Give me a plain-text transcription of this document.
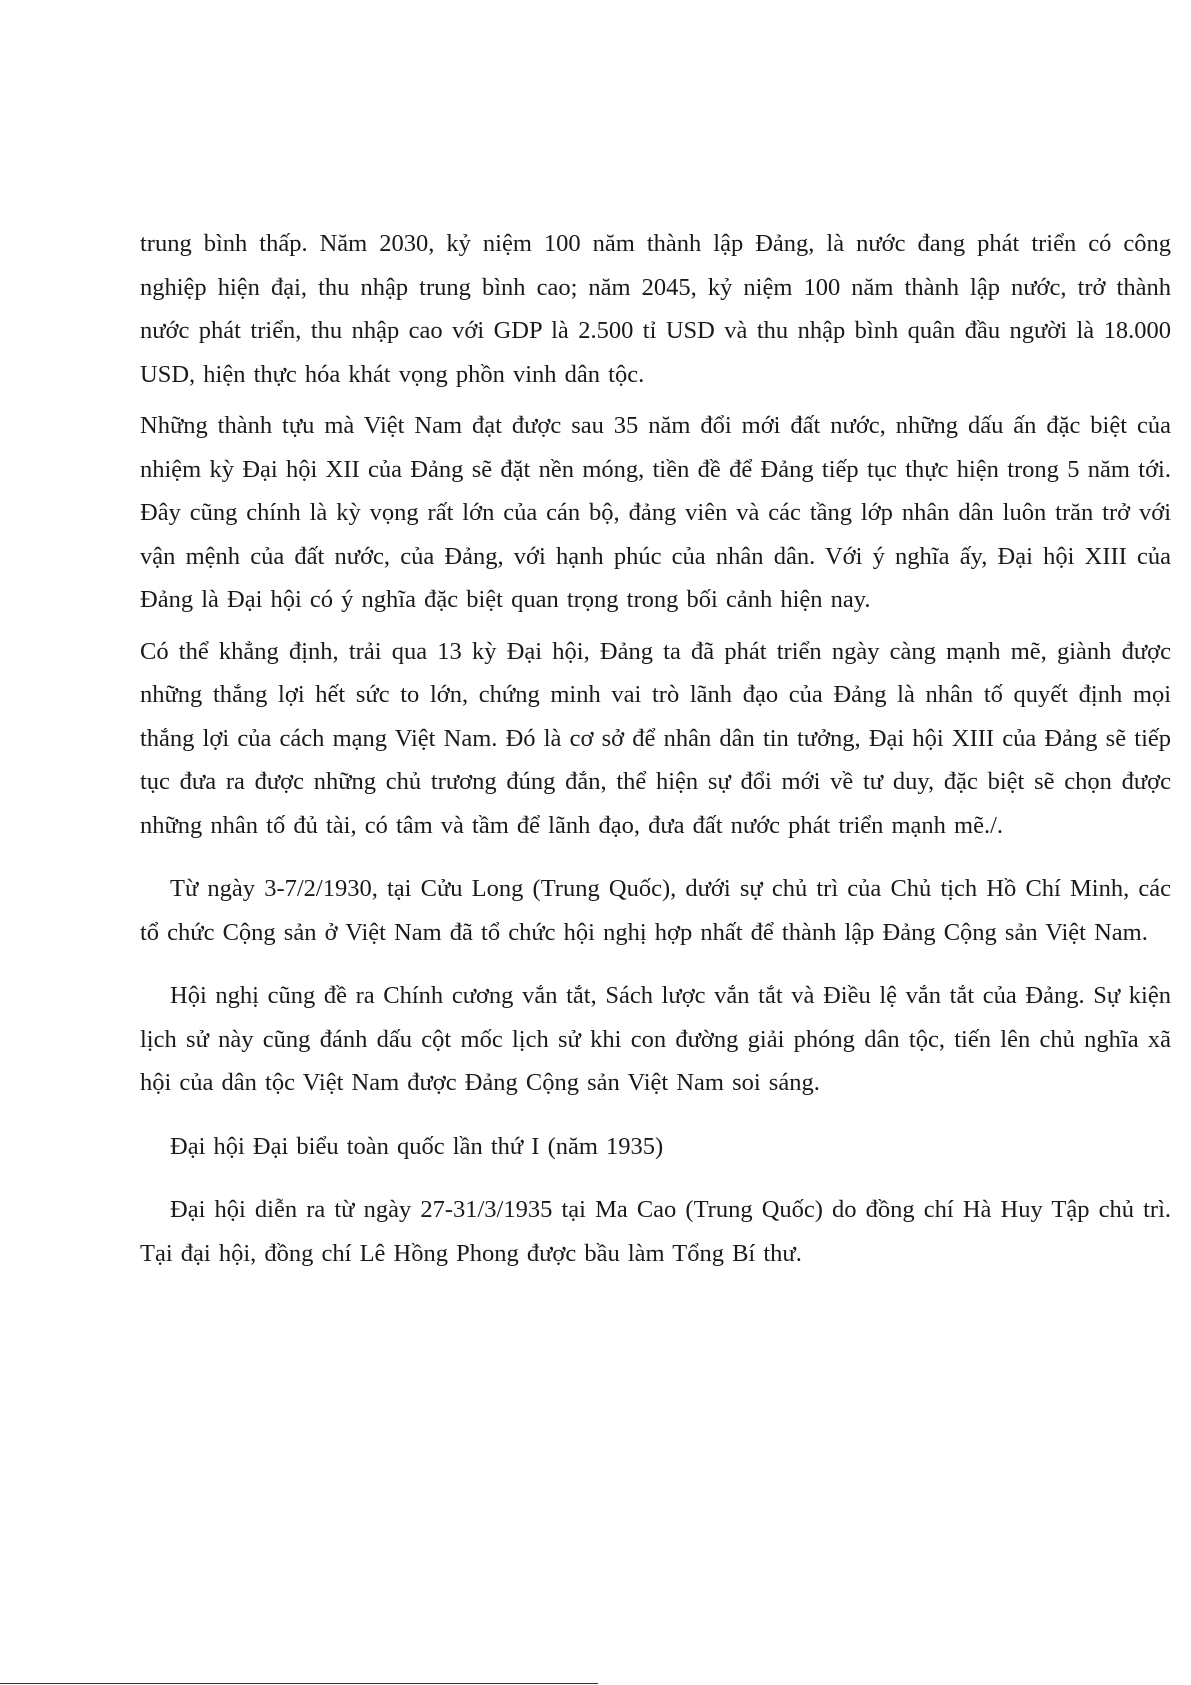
trung bình thấp. Năm 2030, kỷ niệm 100 năm thành lập Đảng, là nước đang phát triển có công nghiệp hiện đại, thu nhập trung bình cao; năm 2045, kỷ niệm 100 năm thành lập nước, trở thành nước phát triển, thu nhập cao với GDP là 2.500 tỉ USD và thu nhập bình quân đầu người là 18.000 USD, hiện thực hóa khát vọng phồn vinh dân tộc.

Những thành tựu mà Việt Nam đạt được sau 35 năm đổi mới đất nước, những dấu ấn đặc biệt của nhiệm kỳ Đại hội XII của Đảng sẽ đặt nền móng, tiền đề để Đảng tiếp tục thực hiện trong 5 năm tới. Đây cũng chính là kỳ vọng rất lớn của cán bộ, đảng viên và các tầng lớp nhân dân luôn trăn trở với vận mệnh của đất nước, của Đảng, với hạnh phúc của nhân dân. Với ý nghĩa ấy, Đại hội XIII của Đảng là Đại hội có ý nghĩa đặc biệt quan trọng trong bối cảnh hiện nay.

Có thể khẳng định, trải qua 13 kỳ Đại hội, Đảng ta đã phát triển ngày càng mạnh mẽ, giành được những thắng lợi hết sức to lớn, chứng minh vai trò lãnh đạo của Đảng là nhân tố quyết định mọi thắng lợi của cách mạng Việt Nam. Đó là cơ sở để nhân dân tin tưởng, Đại hội XIII của Đảng sẽ tiếp tục đưa ra được những chủ trương đúng đắn, thể hiện sự đổi mới về tư duy, đặc biệt sẽ chọn được những nhân tố đủ tài, có tâm và tầm để lãnh đạo, đưa đất nước phát triển mạnh mẽ./.

Từ ngày 3-7/2/1930, tại Cửu Long (Trung Quốc), dưới sự chủ trì của Chủ tịch Hồ Chí Minh, các tổ chức Cộng sản ở Việt Nam đã tổ chức hội nghị hợp nhất để thành lập Đảng Cộng sản Việt Nam.

Hội nghị cũng đề ra Chính cương vắn tắt, Sách lược vắn tắt và Điều lệ vắn tắt của Đảng. Sự kiện lịch sử này cũng đánh dấu cột mốc lịch sử khi con đường giải phóng dân tộc, tiến lên chủ nghĩa xã hội của dân tộc Việt Nam được Đảng Cộng sản Việt Nam soi sáng.

Đại hội Đại biểu toàn quốc lần thứ I (năm 1935)

Đại hội diễn ra từ ngày 27-31/3/1935 tại Ma Cao (Trung Quốc) do đồng chí Hà Huy Tập chủ trì. Tại đại hội, đồng chí Lê Hồng Phong được bầu làm Tổng Bí thư.
